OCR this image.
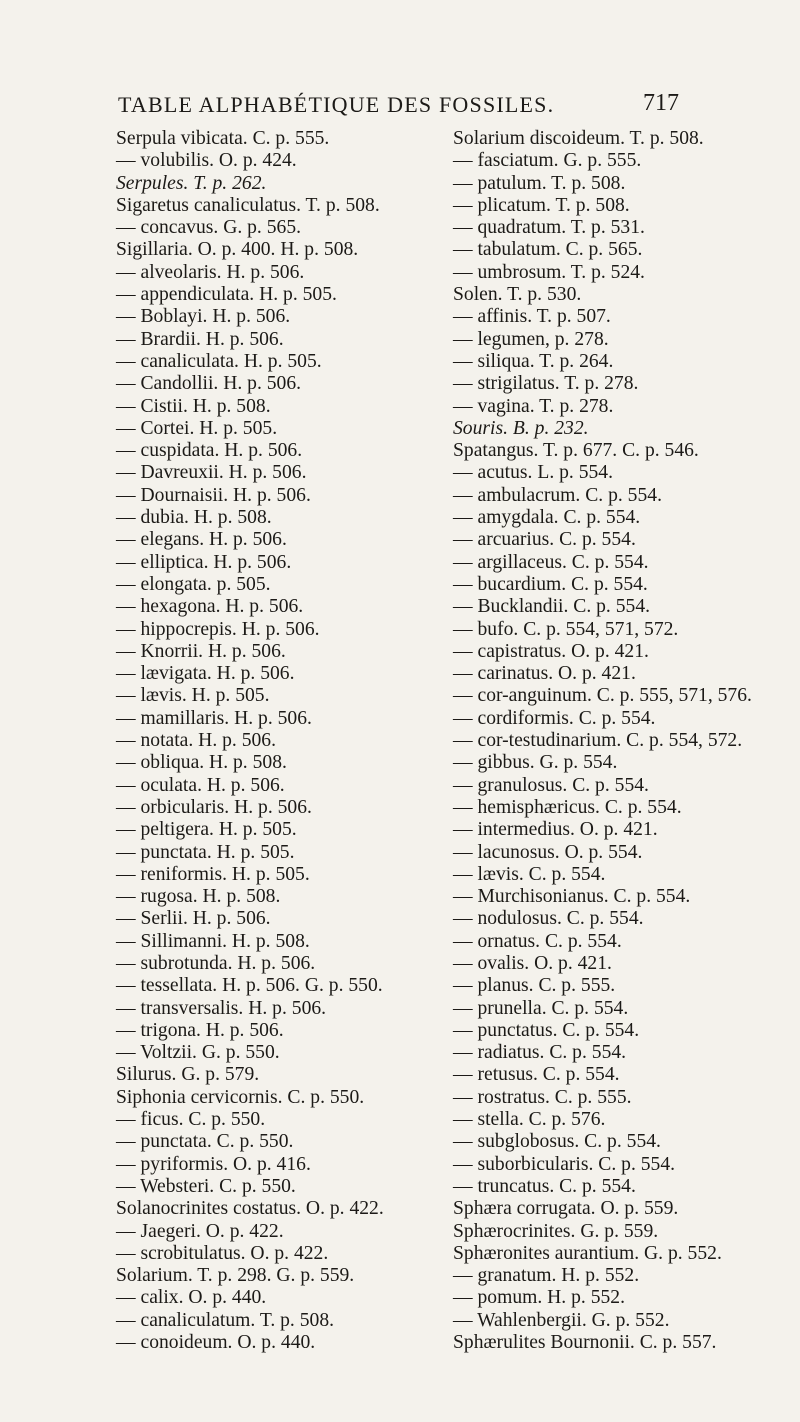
TABLE ALPHABÉTIQUE DES FOSSILES.	717
Serpula vibicata. C. p. 555.
— volubilis. O. p. 424.
Serpules. T. p. 262.
Sigaretus canaliculatus. T. p. 508.
— concavus. G. p. 565.
Sigillaria. O. p. 400. H. p. 508.
— alveolaris. H. p. 506.
— appendiculata. H. p. 505.
— Boblayi. H. p. 506.
— Brardii. H. p. 506.
— canaliculata. H. p. 505.
— Candollii. H. p. 506.
— Cistii. H. p. 508.
— Cortei. H. p. 505.
— cuspidata. H. p. 506.
— Davreuxii. H. p. 506.
— Dournaisii. H. p. 506.
— dubia. H. p. 508.
— elegans. H. p. 506.
— elliptica. H. p. 506.
— elongata. p. 505.
— hexagona. H. p. 506.
— hippocrepis. H. p. 506.
— Knorrii. H. p. 506.
— lævigata. H. p. 506.
— lævis. H. p. 505.
— mamillaris. H. p. 506.
— notata. H. p. 506.
— obliqua. H. p. 508.
— oculata. H. p. 506.
— orbicularis. H. p. 506.
— peltigera. H. p. 505.
— punctata. H. p. 505.
— reniformis. H. p. 505.
— rugosa. H. p. 508.
— Serlii. H. p. 506.
— Sillimanni. H. p. 508.
— subrotunda. H. p. 506.
— tessellata. H. p. 506. G. p. 550.
— transversalis. H. p. 506.
— trigona. H. p. 506.
— Voltzii. G. p. 550.
Silurus. G. p. 579.
Siphonia cervicornis. C. p. 550.
— ficus. C. p. 550.
— punctata. C. p. 550.
— pyriformis. O. p. 416.
— Websteri. C. p. 550.
Solanocrinites costatus. O. p. 422.
— Jaegeri. O. p. 422.
— scrobitulatus. O. p. 422.
Solarium. T. p. 298. G. p. 559.
— calix. O. p. 440.
— canaliculatum. T. p. 508.
— conoideum. O. p. 440.
Solarium discoideum. T. p. 508.
— fasciatum. G. p. 555.
— patulum. T. p. 508.
— plicatum. T. p. 508.
— quadratum. T. p. 531.
— tabulatum. C. p. 565.
— umbrosum. T. p. 524.
Solen. T. p. 530.
— affinis. T. p. 507.
— legumen, p. 278.
— siliqua. T. p. 264.
— strigilatus. T. p. 278.
— vagina. T. p. 278.
Souris. B. p. 232.
Spatangus. T. p. 677. C. p. 546.
— acutus. L. p. 554.
— ambulacrum. C. p. 554.
— amygdala. C. p. 554.
— arcuarius. C. p. 554.
— argillaceus. C. p. 554.
— bucardium. C. p. 554.
— Bucklandii. C. p. 554.
— bufo. C. p. 554, 571, 572.
— capistratus. O. p. 421.
— carinatus. O. p. 421.
— cor-anguinum. C. p. 555, 571, 576.
— cordiformis. C. p. 554.
— cor-testudinarium. C. p. 554, 572.
— gibbus. G. p. 554.
— granulosus. C. p. 554.
— hemisphæricus. C. p. 554.
— intermedius. O. p. 421.
— lacunosus. O. p. 554.
— lævis. C. p. 554.
— Murchisonianus. C. p. 554.
— nodulosus. C. p. 554.
— ornatus. C. p. 554.
— ovalis. O. p. 421.
— planus. C. p. 555.
— prunella. C. p. 554.
— punctatus. C. p. 554.
— radiatus. C. p. 554.
— retusus. C. p. 554.
— rostratus. C. p. 555.
— stella. C. p. 576.
— subglobosus. C. p. 554.
— suborbicularis. C. p. 554.
— truncatus. C. p. 554.
Sphæra corrugata. O. p. 559.
Sphærocrinites. G. p. 559.
Sphæronites aurantium. G. p. 552.
— granatum. H. p. 552.
— pomum. H. p. 552.
— Wahlenbergii. G. p. 552.
Sphærulites Bournonii. C. p. 557.
